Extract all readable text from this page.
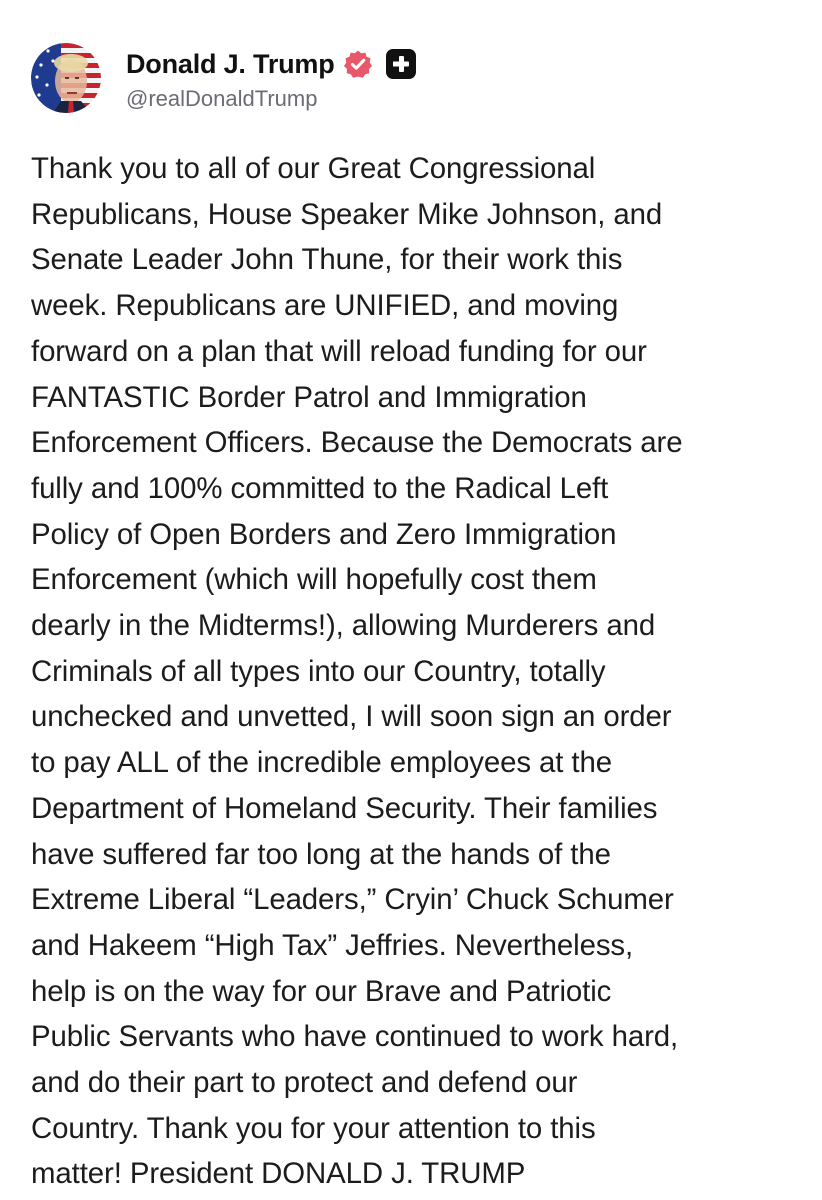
Donald J. Trump
@realDonaldTrump
Thank you to all of our Great Congressional
Republicans, House Speaker Mike Johnson, and
Senate Leader John Thune, for their work this
week. Republicans are UNIFIED, and moving
forward on a plan that will reload funding for our
FANTASTIC Border Patrol and Immigration
Enforcement Officers. Because the Democrats are
fully and 100% committed to the Radical Left
Policy of Open Borders and Zero Immigration
Enforcement (which will hopefully cost them
dearly in the Midterms!), allowing Murderers and
Criminals of all types into our Country, totally
unchecked and unvetted, I will soon sign an order
to pay ALL of the incredible employees at the
Department of Homeland Security. Their families
have suffered far too long at the hands of the
Extreme Liberal “Leaders,” Cryin’ Chuck Schumer
and Hakeem “High Tax” Jeffries. Nevertheless,
help is on the way for our Brave and Patriotic
Public Servants who have continued to work hard,
and do their part to protect and defend our
Country. Thank you for your attention to this
matter! President DONALD J. TRUMP
